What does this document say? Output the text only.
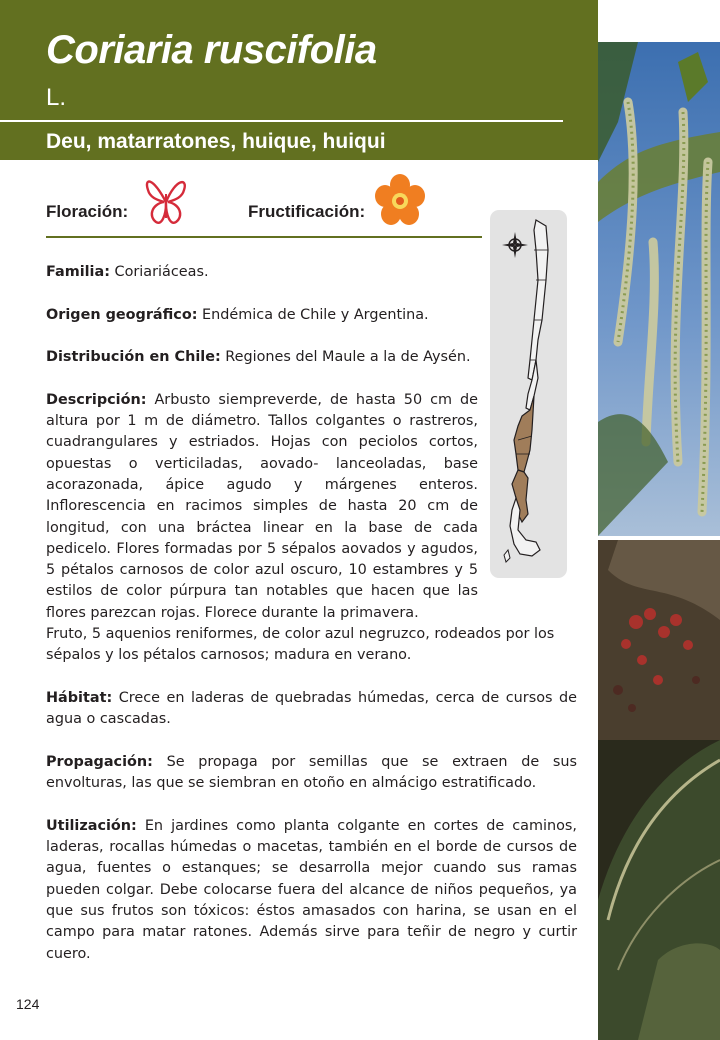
Coriaria ruscifolia
L.
Deu, matarratones, huique, huiqui
Floración:	Fructificación:

Familia: Coriariáceas.

Origen geográfico: Endémica de Chile y Argentina.

Distribución en Chile: Regiones del Maule a la de Aysén.

Descripción: Arbusto siempreverde, de hasta 50 cm de altura por 1 m de diámetro. Tallos colgantes o rastreros, cuadrangulares y estriados. Hojas con peciolos cortos, opuestas o verticiladas, aovado- lanceoladas, base acorazonada, ápice agudo y márgenes enteros. Inflorescencia en racimos simples de hasta 20 cm de longitud, con una bráctea linear en la base de cada pedicelo. Flores formadas por 5 sépalos aovados y agudos, 5 pétalos carnosos de color azul oscuro, 10 estambres y 5 estilos de color púrpura tan notables que hacen que las flores parezcan rojas. Florece durante la primavera.

Fruto, 5 aquenios reniformes, de color azul negruzco, rodeados por los sépalos y los pétalos carnosos; madura en verano.

Hábitat: Crece en laderas de quebradas húmedas, cerca de cursos de agua o cascadas.

Propagación: Se propaga por semillas que se extraen de sus envolturas, las que se siembran en otoño en almácigo estratificado.

Utilización: En jardines como planta colgante en cortes de caminos, laderas, rocallas húmedas o macetas, también en el borde de cursos de agua, fuentes o estanques; se desarrolla mejor cuando sus ramas pueden colgar. Debe colocarse fuera del alcance de niños pequeños, ya que sus frutos son tóxicos: éstos amasados con harina, se usan en el campo para matar ratones. Además sirve para teñir de negro y curtir cuero.

124
